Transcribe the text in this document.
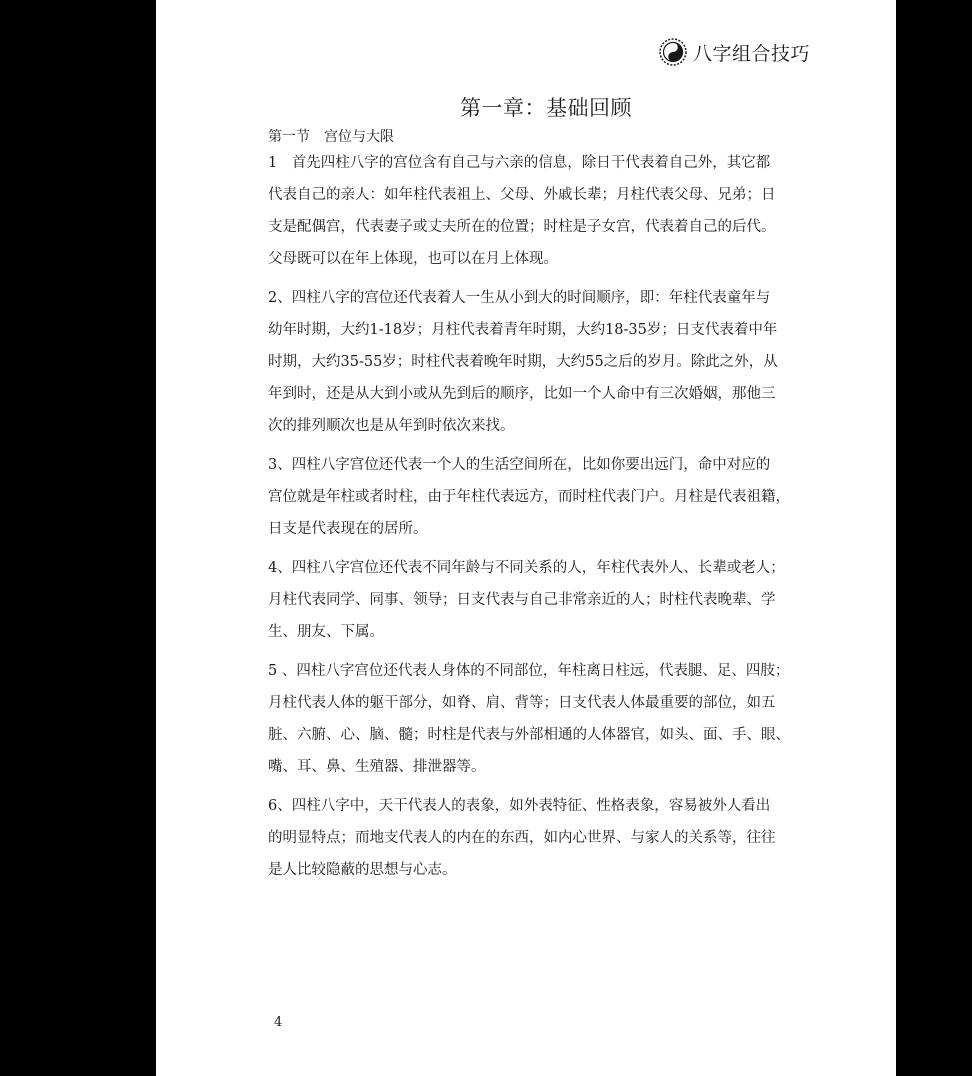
八字组合技巧
第一章：基础回顾
第一节　宫位与大限
1　首先四柱八字的宫位含有自己与六亲的信息，除日干代表着自己外，其它都
代表自己的亲人：如年柱代表祖上、父母、外戚长辈；月柱代表父母、兄弟；日
支是配偶宫，代表妻子或丈夫所在的位置；时柱是子女宫，代表着自己的后代。
父母既可以在年上体现，也可以在月上体现。
2、四柱八字的宫位还代表着人一生从小到大的时间顺序，即：年柱代表童年与
幼年时期，大约1-18岁；月柱代表着青年时期，大约18-35岁；日支代表着中年
时期，大约35-55岁；时柱代表着晚年时期，大约55之后的岁月。除此之外，从
年到时，还是从大到小或从先到后的顺序，比如一个人命中有三次婚姻，那他三
次的排列顺次也是从年到时依次来找。
3、四柱八字宫位还代表一个人的生活空间所在，比如你要出远门，命中对应的
宫位就是年柱或者时柱，由于年柱代表远方，而时柱代表门户。月柱是代表祖籍，
日支是代表现在的居所。
4、四柱八字宫位还代表不同年龄与不同关系的人，年柱代表外人、长辈或老人；
月柱代表同学、同事、领导；日支代表与自己非常亲近的人；时柱代表晚辈、学
生、朋友、下属。
5 、四柱八字宫位还代表人身体的不同部位，年柱离日柱远，代表腿、足、四肢；
月柱代表人体的躯干部分，如脊、肩、背等；日支代表人体最重要的部位，如五
脏、六腑、心、脑、髓；时柱是代表与外部相通的人体器官，如头、面、手、眼、
嘴、耳、鼻、生殖器、排泄器等。
6、四柱八字中，天干代表人的表象，如外表特征、性格表象，容易被外人看出
的明显特点；而地支代表人的内在的东西，如内心世界、与家人的关系等，往往
是人比较隐蔽的思想与心志。
4
